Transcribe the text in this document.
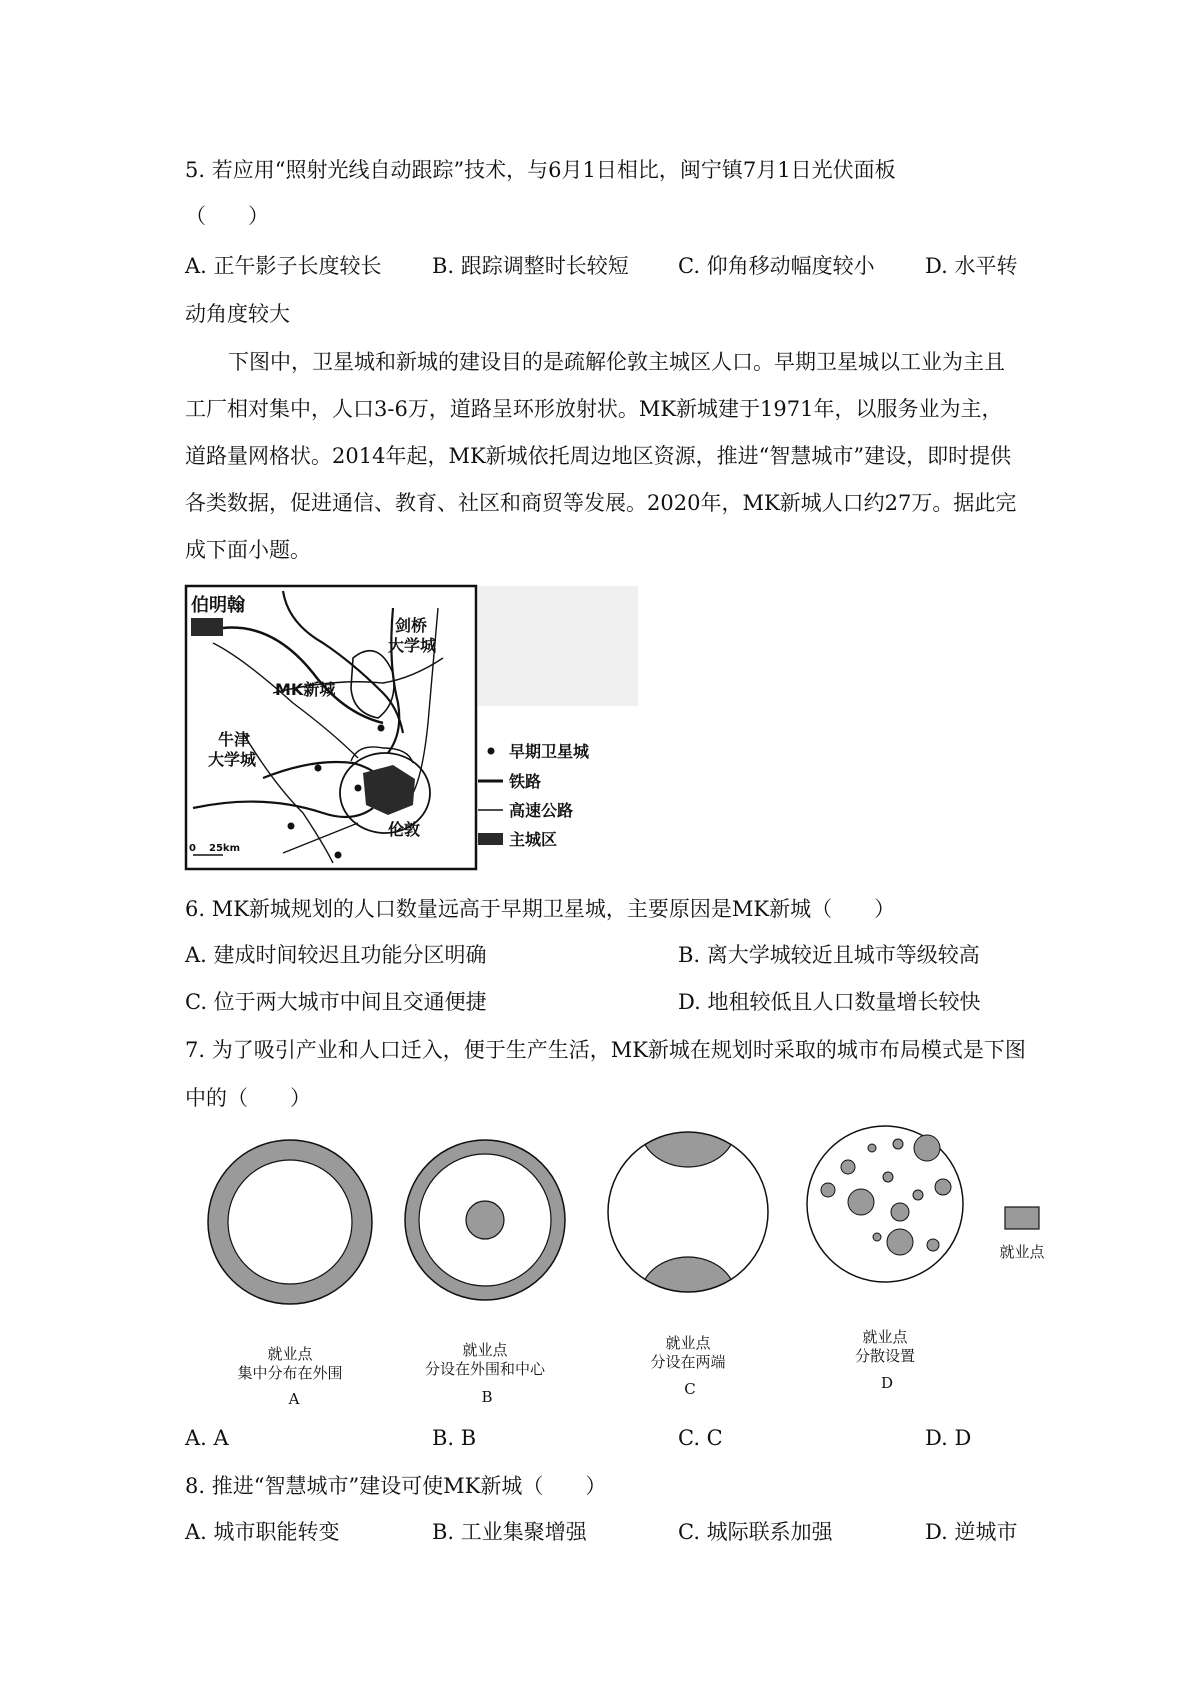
5. 若应用“照射光线自动跟踪”技术，与6月1日相比，闽宁镇7月1日光伏面板
（　　）
A. 正午影子长度较长 B. 跟踪调整时长较短 C. 仰角移动幅度较小 D. 水平转
动角度较大
下图中，卫星城和新城的建设目的是疏解伦敦主城区人口。早期卫星城以工业为主且
工厂相对集中，人口3-6万，道路呈环形放射状。MK新城建于1971年，以服务业为主，
道路量网格状。2014年起，MK新城依托周边地区资源，推进“智慧城市”建设，即时提供
各类数据，促进通信、教育、社区和商贸等发展。2020年，MK新城人口约27万。据此完
成下面小题。
伯明翰
剑桥
大学城
MK新城
牛津
大学城
伦敦
0 25km
早期卫星城
铁路
高速公路
主城区
6. MK新城规划的人口数量远高于早期卫星城，主要原因是MK新城（　　）
A. 建成时间较迟且功能分区明确	B. 离大学城较近且城市等级较高
C. 位于两大城市中间且交通便捷	D. 地租较低且人口数量增长较快
7. 为了吸引产业和人口迁入，便于生产生活，MK新城在规划时采取的城市布局模式是下图
中的（　　）
就业点
集中分布在外围
A
就业点
分设在外围和中心
B
就业点
分设在两端
C
就业点
分散设置
D
就业点
A. A	B. B	C. C	D. D
8. 推进“智慧城市”建设可使MK新城（　　）
A. 城市职能转变	B. 工业集聚增强	C. 城际联系加强	D. 逆城市
